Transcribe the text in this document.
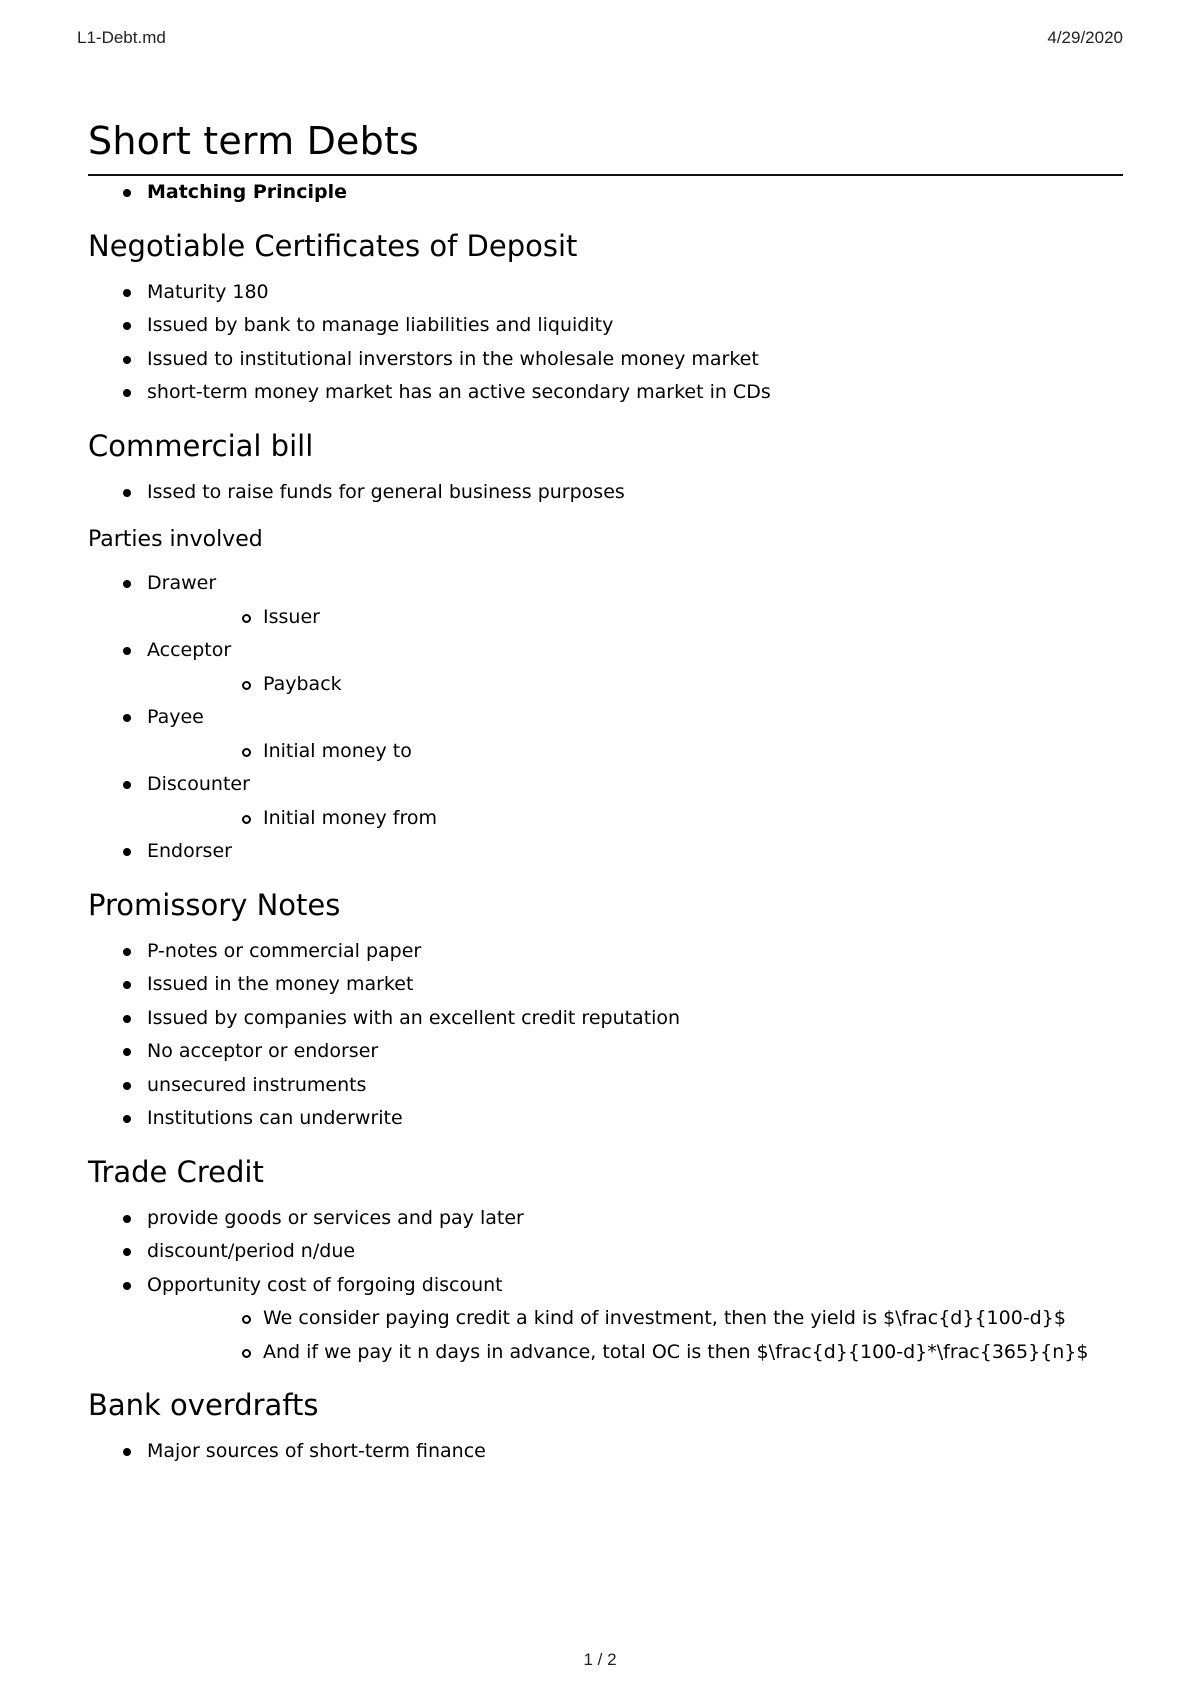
L1-Debt.md	4/29/2020
Short term Debts
Matching Principle
Negotiable Certificates of Deposit
Maturity 180
Issued by bank to manage liabilities and liquidity
Issued to institutional inverstors in the wholesale money market
short-term money market has an active secondary market in CDs
Commercial bill
Issed to raise funds for general business purposes
Parties involved
Drawer
Issuer
Acceptor
Payback
Payee
Initial money to
Discounter
Initial money from
Endorser
Promissory Notes
P-notes or commercial paper
Issued in the money market
Issued by companies with an excellent credit reputation
No acceptor or endorser
unsecured instruments
Institutions can underwrite
Trade Credit
provide goods or services and pay later
discount/period n/due
Opportunity cost of forgoing discount
We consider paying credit a kind of investment, then the yield is $\frac{d}{100-d}$
And if we pay it n days in advance, total OC is then $\frac{d}{100-d}*\frac{365}{n}$
Bank overdrafts
Major sources of short-term finance
1 / 2
